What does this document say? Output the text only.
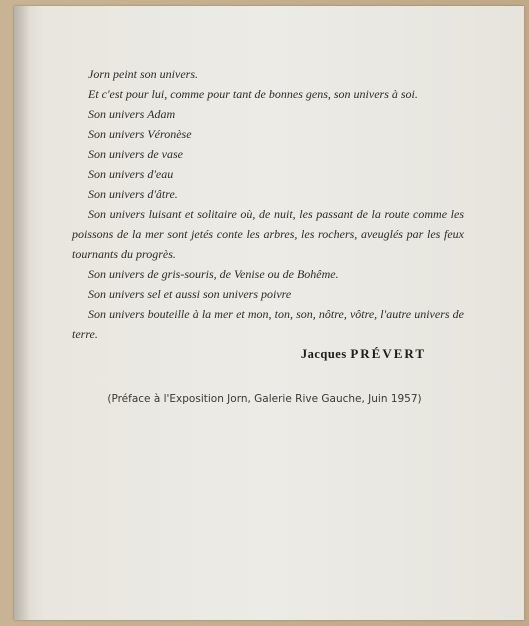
Jorn peint son univers.
Et c'est pour lui, comme pour tant de bonnes gens, son univers à soi.
Son univers Adam
Son univers Véronèse
Son univers de vase
Son univers d'eau
Son univers d'âtre.
Son univers luisant et solitaire où, de nuit, les passant de la route comme les poissons de la mer sont jetés conte les arbres, les rochers, aveuglés par les feux tournants du progrès.
Son univers de gris-souris, de Venise ou de Bohême.
Son univers sel et aussi son univers poivre
Son univers bouteille à la mer et mon, ton, son, nôtre, vôtre, l'autre univers de terre.
Jacques PRÉVERT
(Préface à l'Exposition Jorn, Galerie Rive Gauche, Juin 1957)
